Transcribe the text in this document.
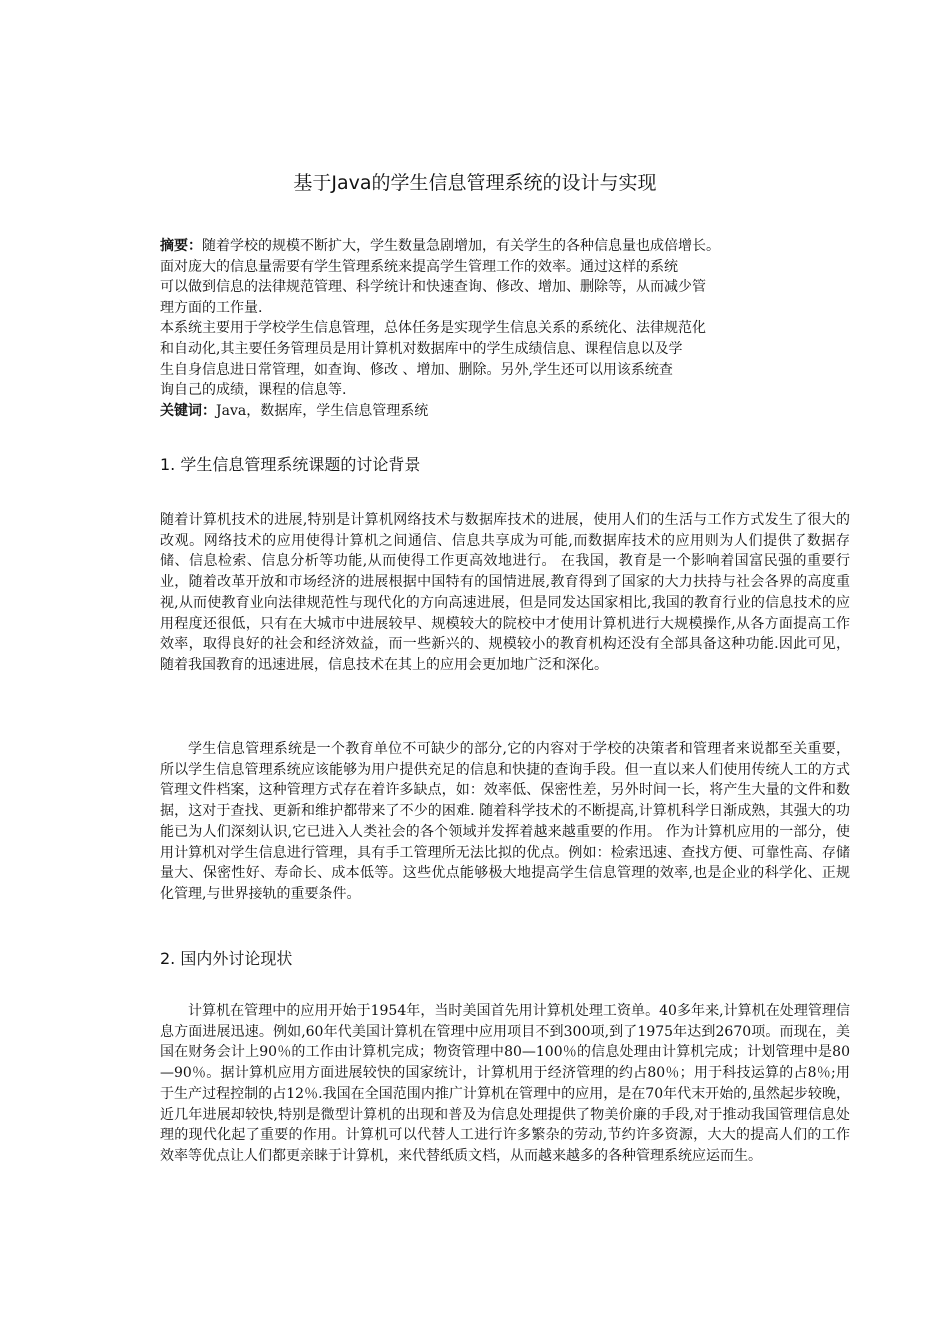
基于Java的学生信息管理系统的设计与实现
摘要：随着学校的规模不断扩大，学生数量急剧增加，有关学生的各种信息量也成倍增长。
面对庞大的信息量需要有学生管理系统来提高学生管理工作的效率。通过这样的系统
可以做到信息的法律规范管理、科学统计和快速查询、修改、增加、删除等，从而减少管
理方面的工作量.
本系统主要用于学校学生信息管理，总体任务是实现学生信息关系的系统化、法律规范化
和自动化,其主要任务管理员是用计算机对数据库中的学生成绩信息、课程信息以及学
生自身信息进日常管理，如查询、修改 、增加、删除。另外,学生还可以用该系统查
询自己的成绩，课程的信息等.
关键词：Java，数据库，学生信息管理系统
1. 学生信息管理系统课题的讨论背景

随着计算机技术的进展,特别是计算机网络技术与数据库技术的进展，使用人们的生活与工作方式发生了很大的改观。网络技术的应用使得计算机之间通信、信息共享成为可能,而数据库技术的应用则为人们提供了数据存储、信息检索、信息分析等功能,从而使得工作更高效地进行。 在我国，教育是一个影响着国富民强的重要行业，随着改革开放和市场经济的进展根据中国特有的国情进展,教育得到了国家的大力扶持与社会各界的高度重视,从而使教育业向法律规范性与现代化的方向高速进展，但是同发达国家相比,我国的教育行业的信息技术的应用程度还很低，只有在大城市中进展较早、规模较大的院校中才使用计算机进行大规模操作,从各方面提高工作效率，取得良好的社会和经济效益，而一些新兴的、规模较小的教育机构还没有全部具备这种功能.因此可见，随着我国教育的迅速进展，信息技术在其上的应用会更加地广泛和深化。

学生信息管理系统是一个教育单位不可缺少的部分,它的内容对于学校的决策者和管理者来说都至关重要，所以学生信息管理系统应该能够为用户提供充足的信息和快捷的查询手段。但一直以来人们使用传统人工的方式管理文件档案，这种管理方式存在着许多缺点，如：效率低、保密性差，另外时间一长，将产生大量的文件和数据，这对于查找、更新和维护都带来了不少的困难. 随着科学技术的不断提高,计算机科学日渐成熟，其强大的功能已为人们深刻认识,它已进入人类社会的各个领域并发挥着越来越重要的作用。 作为计算机应用的一部分，使用计算机对学生信息进行管理，具有手工管理所无法比拟的优点。例如：检索迅速、查找方便、可靠性高、存储量大、保密性好、寿命长、成本低等。这些优点能够极大地提高学生信息管理的效率,也是企业的科学化、正规化管理,与世界接轨的重要条件。

2. 国内外讨论现状

计算机在管理中的应用开始于1954年，当时美国首先用计算机处理工资单。40多年来,计算机在处理管理信息方面进展迅速。例如,60年代美国计算机在管理中应用项目不到300项,到了1975年达到2670项。而现在，美国在财务会计上90％的工作由计算机完成；物资管理中80—100％的信息处理由计算机完成；计划管理中是80—90％。据计算机应用方面进展较快的国家统计，计算机用于经济管理的约占80％；用于科技运算的占8％;用于生产过程控制的占12％.我国在全国范围内推广计算机在管理中的应用，是在70年代末开始的,虽然起步较晚，近几年进展却较快,特别是微型计算机的出现和普及为信息处理提供了物美价廉的手段,对于推动我国管理信息处理的现代化起了重要的作用。计算机可以代替人工进行许多繁杂的劳动,节约许多资源，大大的提高人们的工作效率等优点让人们都更亲睐于计算机，来代替纸质文档，从而越来越多的各种管理系统应运而生。
